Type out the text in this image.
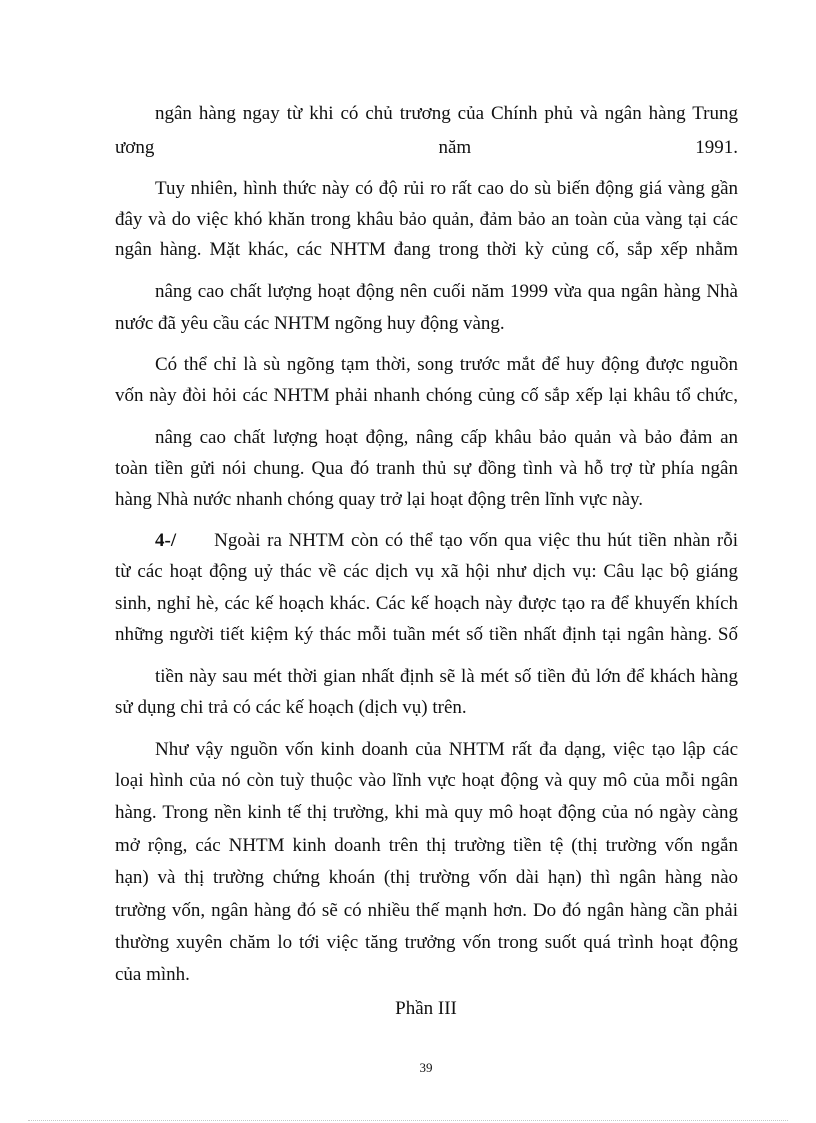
ngân hàng ngay từ khi có chủ trương của Chính phủ và ngân hàng Trung
ương	năm	1991.
Tuy nhiên, hình thức này có độ rủi ro rất cao do sù biến động giá vàng gần
đây và do việc khó khăn trong khâu bảo quản, đảm bảo an toàn của vàng tại các
ngân hàng. Mặt khác, các NHTM đang trong thời kỳ củng cố, sắp xếp nhằm
nâng cao chất lượng hoạt động nên cuối năm 1999 vừa qua ngân hàng Nhà
nước đã yêu cầu các NHTM ngõng huy động vàng.
Có thể chỉ là sù ngõng tạm thời, song trước mắt để huy động được nguồn
vốn này đòi hỏi các NHTM phải nhanh chóng củng cố sắp xếp lại khâu tổ chức,
nâng cao chất lượng hoạt động, nâng cấp khâu bảo quản và bảo đảm an
toàn tiền gửi nói chung. Qua đó tranh thủ sự đồng tình và hỗ trợ từ phía ngân
hàng Nhà nước nhanh chóng quay trở lại hoạt động trên lĩnh vực này.
4-/ Ngoài ra NHTM còn có thể tạo vốn qua việc thu hút tiền nhàn rỗi
từ các hoạt động uỷ thác về các dịch vụ xã hội như dịch vụ: Câu lạc bộ giáng
sinh, nghỉ hè, các kế hoạch khác. Các kế hoạch này được tạo ra để khuyến khích
những người tiết kiệm ký thác mỗi tuần mét số tiền nhất định tại ngân hàng. Số
tiền này sau mét thời gian nhất định sẽ là mét số tiền đủ lớn để khách hàng
sử dụng chi trả có các kế hoạch (dịch vụ) trên.
Như vậy nguồn vốn kinh doanh của NHTM rất đa dạng, việc tạo lập các
loại hình của nó còn tuỳ thuộc vào lĩnh vực hoạt động và quy mô của mỗi ngân
hàng. Trong nền kinh tế thị trường, khi mà quy mô hoạt động của nó ngày càng
mở rộng, các NHTM kinh doanh trên thị trường tiền tệ (thị trường vốn ngắn
hạn) và thị trường chứng khoán (thị trường vốn dài hạn) thì ngân hàng nào
trường vốn, ngân hàng đó sẽ có nhiều thế mạnh hơn. Do đó ngân hàng cần phải
thường xuyên chăm lo tới việc tăng trưởng vốn trong suốt quá trình hoạt động
của mình.
Phần III
39
